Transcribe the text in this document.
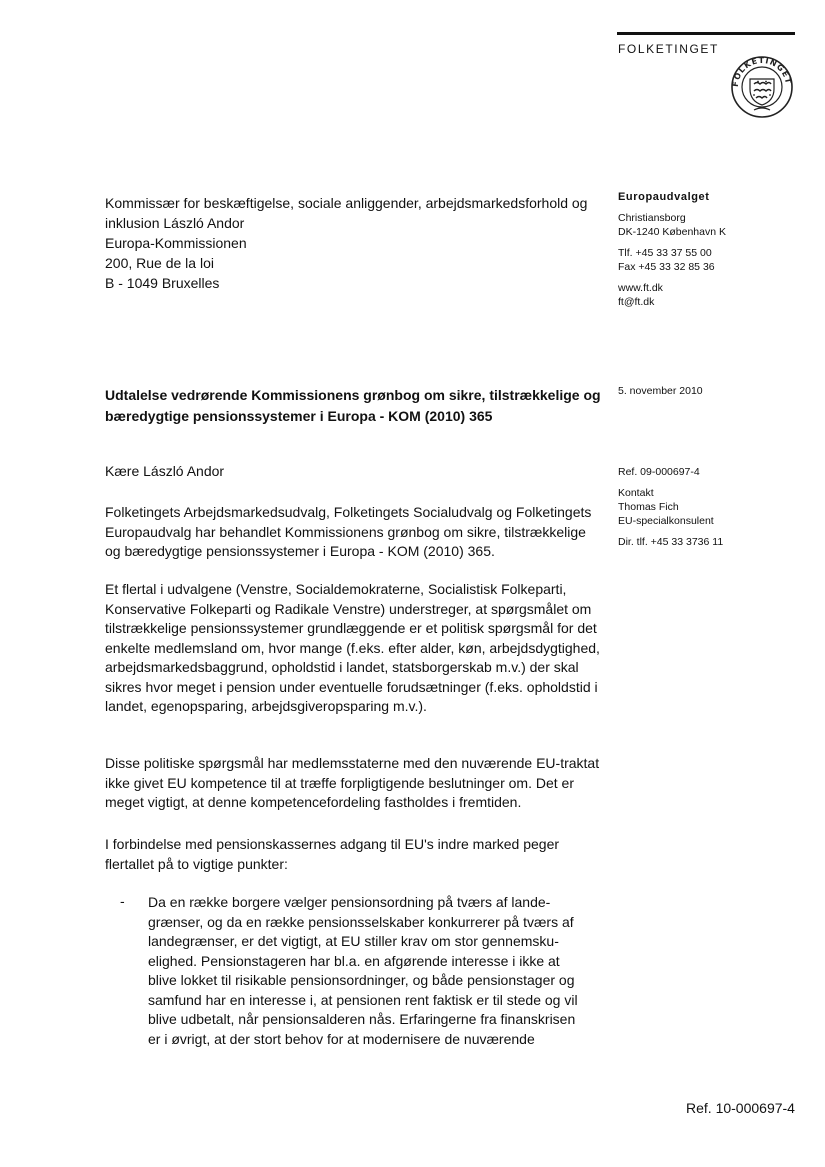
FOLKETINGET
FOLKETINGET
Kommissær for beskæftigelse, sociale anliggender, arbejdsmarkedsforhold og
inklusion László Andor
Europa-Kommissionen
200, Rue de la loi
B - 1049 Bruxelles
Europaudvalget
Christiansborg
DK-1240 København K
Tlf. +45 33 37 55 00
Fax +45 33 32 85 36
www.ft.dk
ft@ft.dk
Udtalelse vedrørende Kommissionens grønbog om sikre, tilstrækkelige og bæredygtige pensionssystemer i Europa - KOM (2010) 365
5. november 2010
Ref. 09-000697-4
Kontakt
Thomas Fich
EU-specialkonsulent
Dir. tlf. +45 33 3736 11
Kære László Andor
Folketingets Arbejdsmarkedsudvalg, Folketingets Socialudvalg og Folketingets Europaudvalg har behandlet Kommissionens grønbog om sikre, tilstrækkelige og bæredygtige pensionssystemer i Europa - KOM (2010) 365.
Et flertal i udvalgene (Venstre, Socialdemokraterne, Socialistisk Folkeparti, Konservative Folkeparti og Radikale Venstre) understreger, at spørgsmålet om tilstrækkelige pensionssystemer grundlæggende er et politisk spørgsmål for det enkelte medlemsland om, hvor mange (f.eks. efter alder, køn, arbejdsdygtighed, arbejdsmarkedsbaggrund, opholdstid i landet, statsborgerskab m.v.) der skal sikres hvor meget i pension under eventuelle forudsætninger (f.eks. opholdstid i landet, egenopsparing, arbejdsgiveropsparing m.v.).
Disse politiske spørgsmål har medlemsstaterne med den nuværende EU-traktat ikke givet EU kompetence til at træffe forpligtigende beslutninger om. Det er meget vigtigt, at denne kompetencefordeling fastholdes i fremtiden.
I forbindelse med pensionskassernes adgang til EU's indre marked peger flertallet på to vigtige punkter:
- Da en række borgere vælger pensionsordning på tværs af landegrænser, og da en række pensionsselskaber konkurrerer på tværs af landegrænser, er det vigtigt, at EU stiller krav om stor gennemskuelighed. Pensionstageren har bl.a. en afgørende interesse i ikke at blive lokket til risikable pensionsordninger, og både pensionstager og samfund har en interesse i, at pensionen rent faktisk er til stede og vil blive udbetalt, når pensionsalderen nås. Erfaringerne fra finanskrisen er i øvrigt, at der stort behov for at modernisere de nuværende
Ref. 10-000697-4
